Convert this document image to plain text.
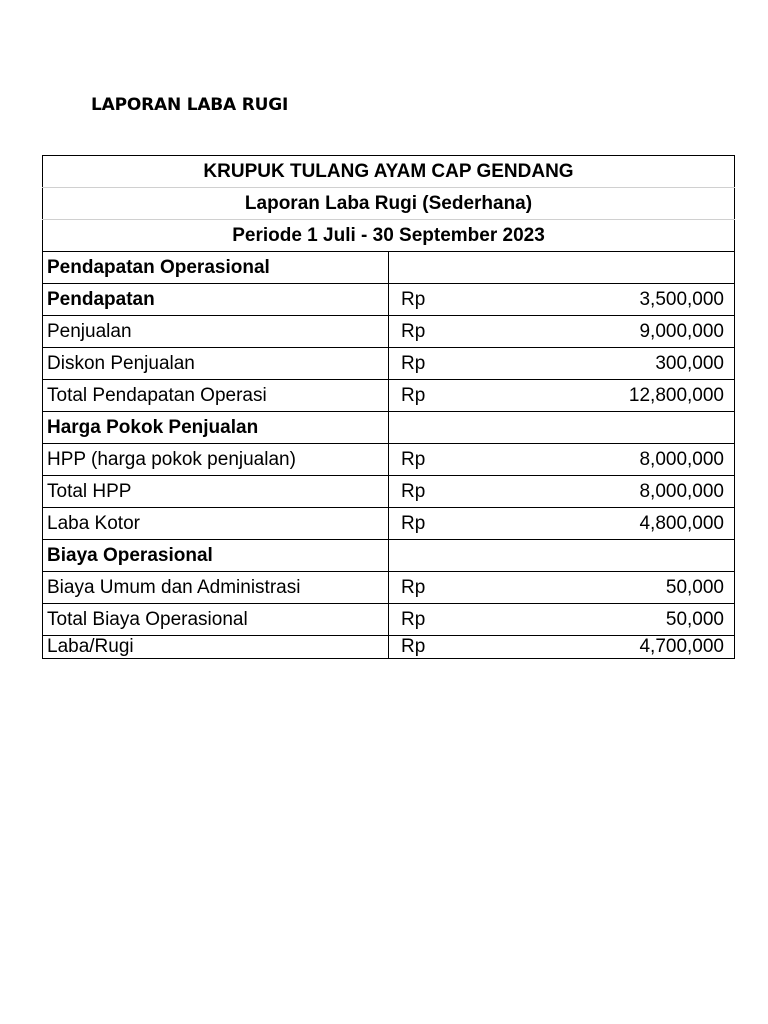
LAPORAN LABA RUGI
KRUPUK TULANG AYAM CAP GENDANG	
Laporan Laba Rugi (Sederhana)	
Periode 1 Juli - 30 September 2023	
Pendapatan Operasional	

Pendapatan	Rp 3,500,000

Penjualan	Rp 9,000,000

Diskon Penjualan	Rp 300,000

Total Pendapatan Operasi	Rp 12,800,000

Harga Pokok Penjualan	

HPP (harga pokok penjualan)	Rp 8,000,000

Total HPP	Rp 8,000,000

Laba Kotor	Rp 4,800,000

Biaya Operasional	

Biaya Umum dan Administrasi	Rp 50,000

Total Biaya Operasional	Rp 50,000

Laba/Rugi	Rp 4,700,000
